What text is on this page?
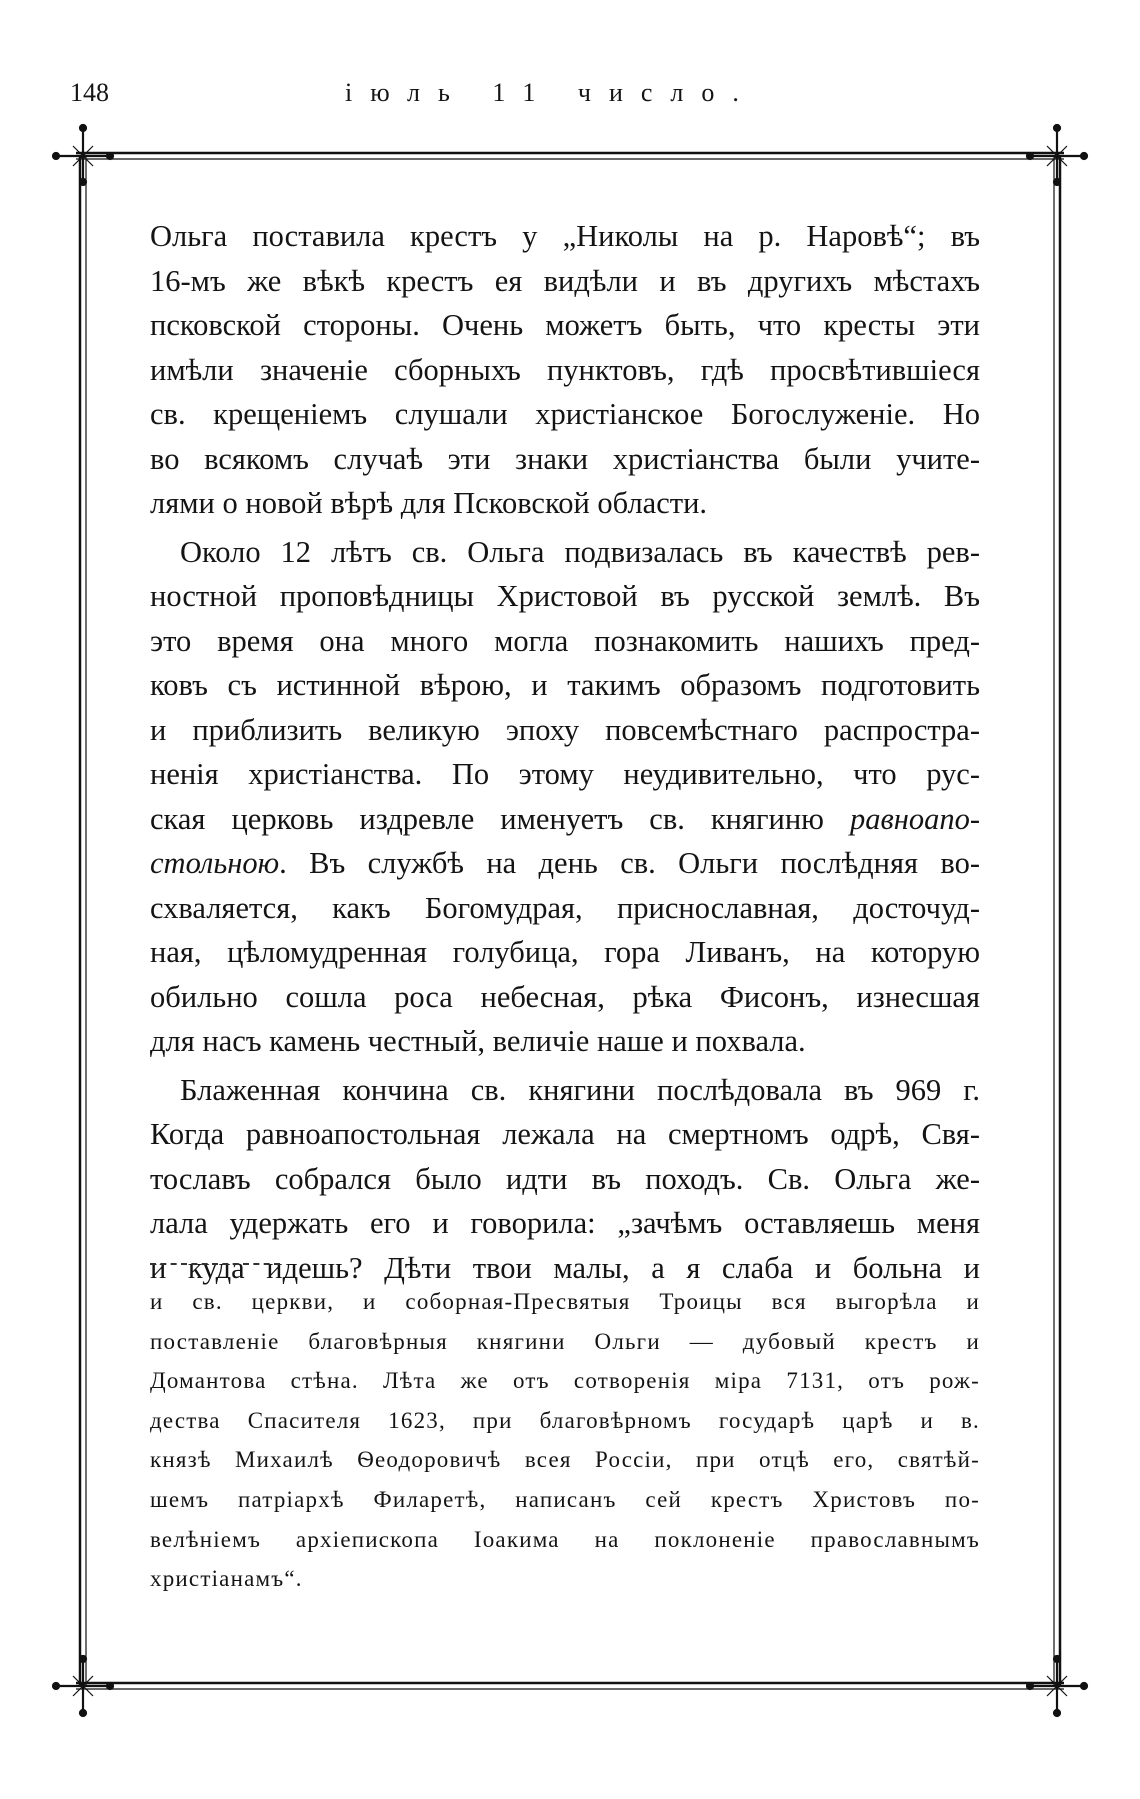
148	іюль 11 число.
Ольга поставила крестъ у „Николы на р. Наровѣ“; въ
16-мъ же вѣкѣ крестъ ея видѣли и въ другихъ мѣстахъ
псковской стороны. Очень можетъ быть, что кресты эти
имѣли значеніе сборныхъ пунктовъ, гдѣ просвѣтившіеся
св. крещеніемъ слушали христіанское Богослуженіе. Но
во всякомъ случаѣ эти знаки христіанства были учите-
лями о новой вѣрѣ для Псковской области.
Около 12 лѣтъ св. Ольга подвизалась въ качествѣ рев-
ностной проповѣдницы Христовой въ русской землѣ. Въ
это время она много могла познакомить нашихъ пред-
ковъ съ истинной вѣрою, и такимъ образомъ подготовить
и приблизить великую эпоху повсемѣстнаго распростра-
ненія христіанства. По этому неудивительно, что рус-
ская церковь издревле именуетъ св. княгиню равноапо-
стольною. Въ службѣ на день св. Ольги послѣдняя во-
схваляется, какъ Богомудрая, приснославная, досточуд-
ная, цѣломудренная голубица, гора Ливанъ, на которую
обильно сошла роса небесная, рѣка Фисонъ, изнесшая
для насъ камень честный, величіе наше и похвала.
Блаженная кончина св. княгини послѣдовала въ 969 г.
Когда равноапостольная лежала на смертномъ одрѣ, Свя-
тославъ собрался было идти въ походъ. Св. Ольга же-
лала удержать его и говорила: „зачѣмъ оставляешь меня
и куда идешь? Дѣти твои малы, а я слаба и больна и
и св. церкви, и соборная-Пресвятыя Троицы вся выгорѣла и
поставленіе благовѣрныя княгини Ольги — дубовый крестъ и
Домантова стѣна. Лѣта же отъ сотворенія міра 7131, отъ рож-
дества Спасителя 1623, при благовѣрномъ государѣ царѣ и в.
князѣ Михаилѣ Ѳеодоровичѣ всея Россіи, при отцѣ его, святѣй-
шемъ патріархѣ Филаретѣ, написанъ сей крестъ Христовъ по-
велѣніемъ архіепископа Іоакима на поклоненіе православнымъ
христіанамъ“.
